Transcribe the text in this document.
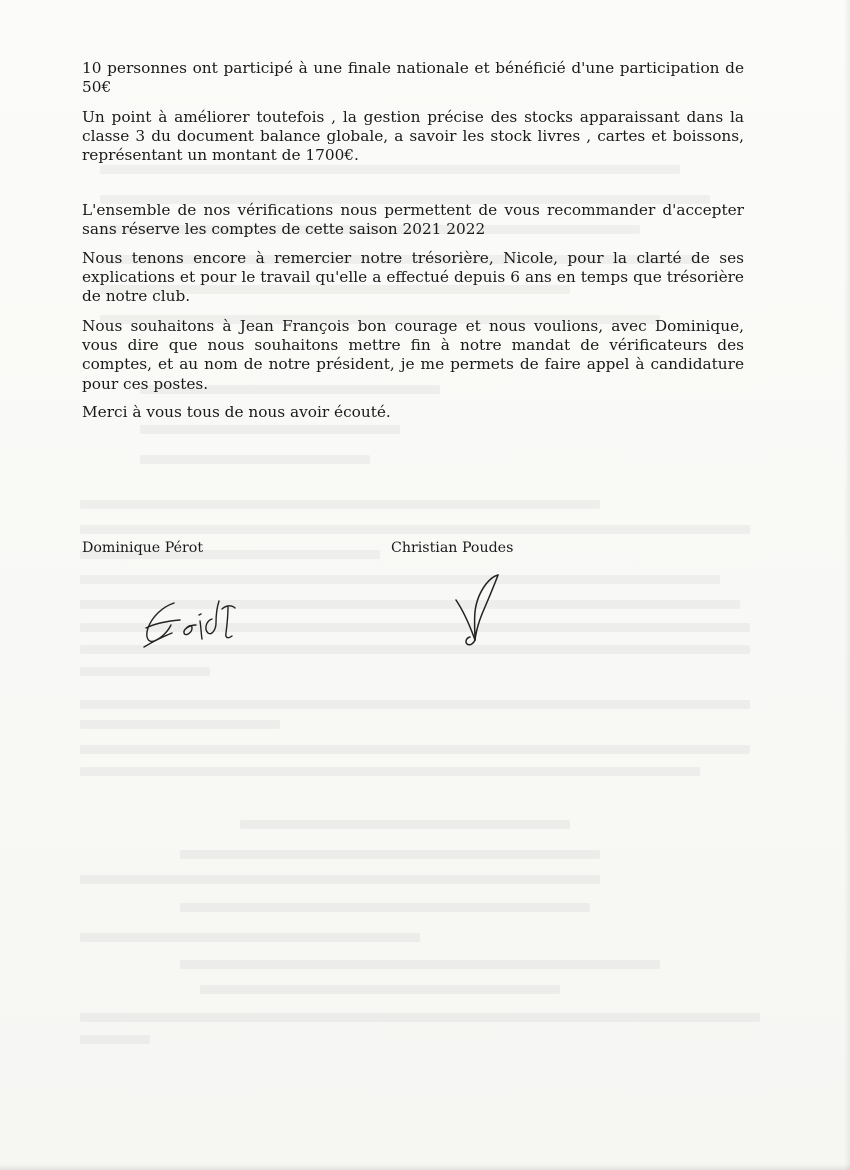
10 personnes ont participé à une finale nationale et bénéficié d'une participation de 50€

Un point à améliorer toutefois , la gestion précise des stocks apparaissant dans la classe 3 du document balance globale, a savoir les stock livres , cartes et boissons, représentant un montant de 1700€.

L'ensemble de nos vérifications nous permettent de vous recommander d'accepter sans réserve les comptes de cette saison 2021 2022

Nous tenons encore à remercier notre trésorière, Nicole, pour la clarté de ses explications et pour le travail qu'elle a effectué depuis 6 ans en temps que trésorière de notre club.

Nous souhaitons à Jean François bon courage et nous voulions, avec Dominique, vous dire que nous souhaitons mettre fin à notre mandat de vérificateurs des comptes, et au nom de notre président, je me permets de faire appel à candidature pour ces postes.

Merci à vous tous de nous avoir écouté.

Dominique Pérot	Christian Poudes
